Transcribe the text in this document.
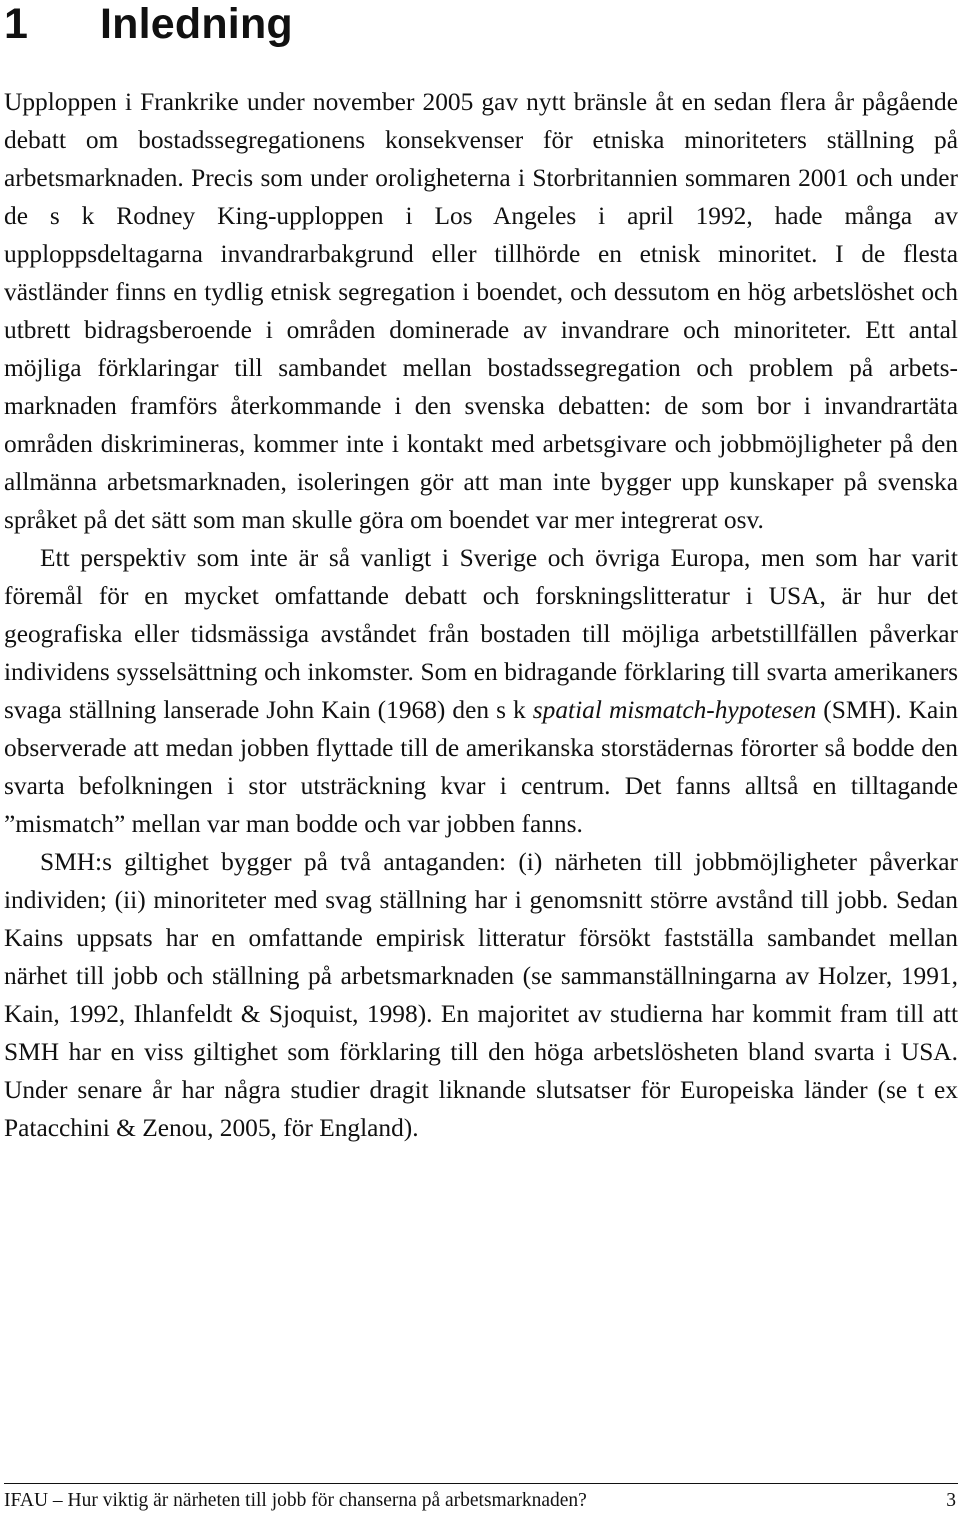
1 Inledning

Upploppen i Frankrike under november 2005 gav nytt bränsle åt en sedan flera år pågående debatt om bostadssegregationens konsekvenser för etniska minoriteters ställning på arbetsmarknaden. Precis som under oroligheterna i Storbritannien sommaren 2001 och under de s k Rodney King-upploppen i Los Angeles i april 1992, hade många av upploppsdeltagarna invandrarbakgrund eller tillhörde en etnisk minoritet. I de flesta västländer finns en tydlig etnisk segregation i boendet, och dessutom en hög arbetslöshet och utbrett bidragsberoende i områden dominerade av invandrare och minoriteter. Ett antal möjliga förklaringar till sambandet mellan bostadssegregation och problem på arbetsmarknaden framförs återkommande i den svenska debatten: de som bor i invandrartäta områden diskrimineras, kommer inte i kontakt med arbetsgivare och jobbmöjligheter på den allmänna arbetsmarknaden, isoleringen gör att man inte bygger upp kunskaper på svenska språket på det sätt som man skulle göra om boendet var mer integrerat osv.

Ett perspektiv som inte är så vanligt i Sverige och övriga Europa, men som har varit föremål för en mycket omfattande debatt och forskningslitteratur i USA, är hur det geografiska eller tidsmässiga avståndet från bostaden till möjliga arbetstillfällen påverkar individens sysselsättning och inkomster. Som en bidragande förklaring till svarta amerikaners svaga ställning lanserade John Kain (1968) den s k spatial mismatch-hypotesen (SMH). Kain observerade att medan jobben flyttade till de amerikanska storstädernas förorter så bodde den svarta befolkningen i stor utsträckning kvar i centrum. Det fanns alltså en tilltagande ”mismatch” mellan var man bodde och var jobben fanns.

SMH:s giltighet bygger på två antaganden: (i) närheten till jobbmöjligheter påverkar individen; (ii) minoriteter med svag ställning har i genomsnitt större avstånd till jobb. Sedan Kains uppsats har en omfattande empirisk litteratur försökt fastställa sambandet mellan närhet till jobb och ställning på arbetsmarknaden (se sammanställningarna av Holzer, 1991, Kain, 1992, Ihlanfeldt & Sjoquist, 1998). En majoritet av studierna har kommit fram till att SMH har en viss giltighet som förklaring till den höga arbetslösheten bland svarta i USA. Under senare år har några studier dragit liknande slutsatser för Europeiska länder (se t ex Patacchini & Zenou, 2005, för England).

IFAU – Hur viktig är närheten till jobb för chanserna på arbetsmarknaden?	3
